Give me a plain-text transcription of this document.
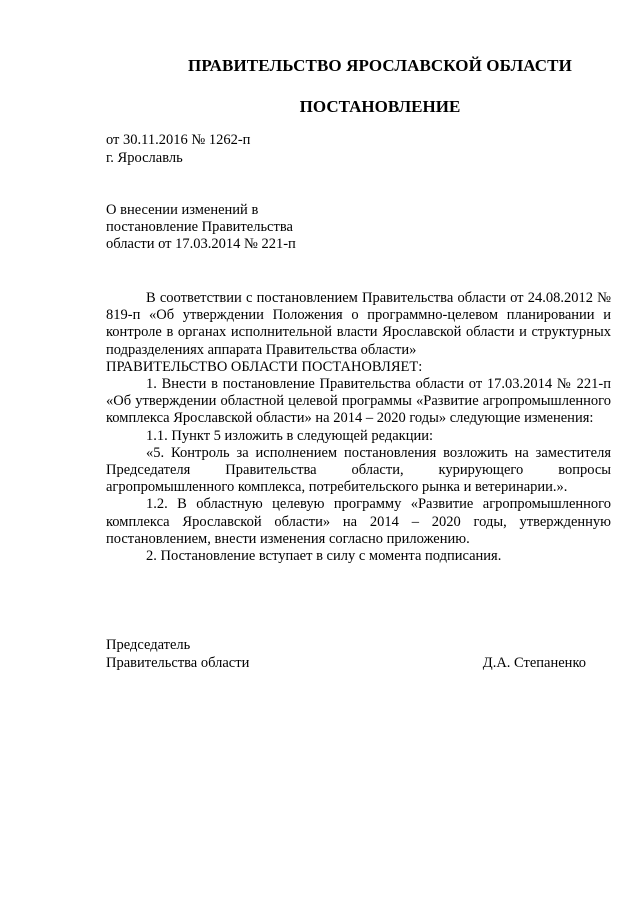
ПРАВИТЕЛЬСТВО ЯРОСЛАВСКОЙ ОБЛАСТИ
ПОСТАНОВЛЕНИЕ
от 30.11.2016 № 1262-п
г. Ярославль
О внесении изменений в
постановление Правительства
области от 17.03.2014 № 221-п
В соответствии с постановлением Правительства области от 24.08.2012 № 819-п «Об утверждении Положения о программно-целевом планировании и контроле в органах исполнительной власти Ярославской области и структурных подразделениях аппарата Правительства области»
ПРАВИТЕЛЬСТВО ОБЛАСТИ ПОСТАНОВЛЯЕТ:
1. Внести в постановление Правительства области от 17.03.2014 № 221-п «Об утверждении областной целевой программы «Развитие агропромышленного комплекса Ярославской области» на 2014 – 2020 годы» следующие изменения:
1.1. Пункт 5 изложить в следующей редакции:
«5. Контроль за исполнением постановления возложить на заместителя Председателя Правительства области, курирующего вопросы агропромышленного комплекса, потребительского рынка и ветеринарии.».
1.2. В областную целевую программу «Развитие агропромышленного комплекса Ярославской области» на 2014 – 2020 годы, утвержденную постановлением, внести изменения согласно приложению.
2. Постановление вступает в силу с момента подписания.
Председатель
Правительства области	Д.А. Степаненко
